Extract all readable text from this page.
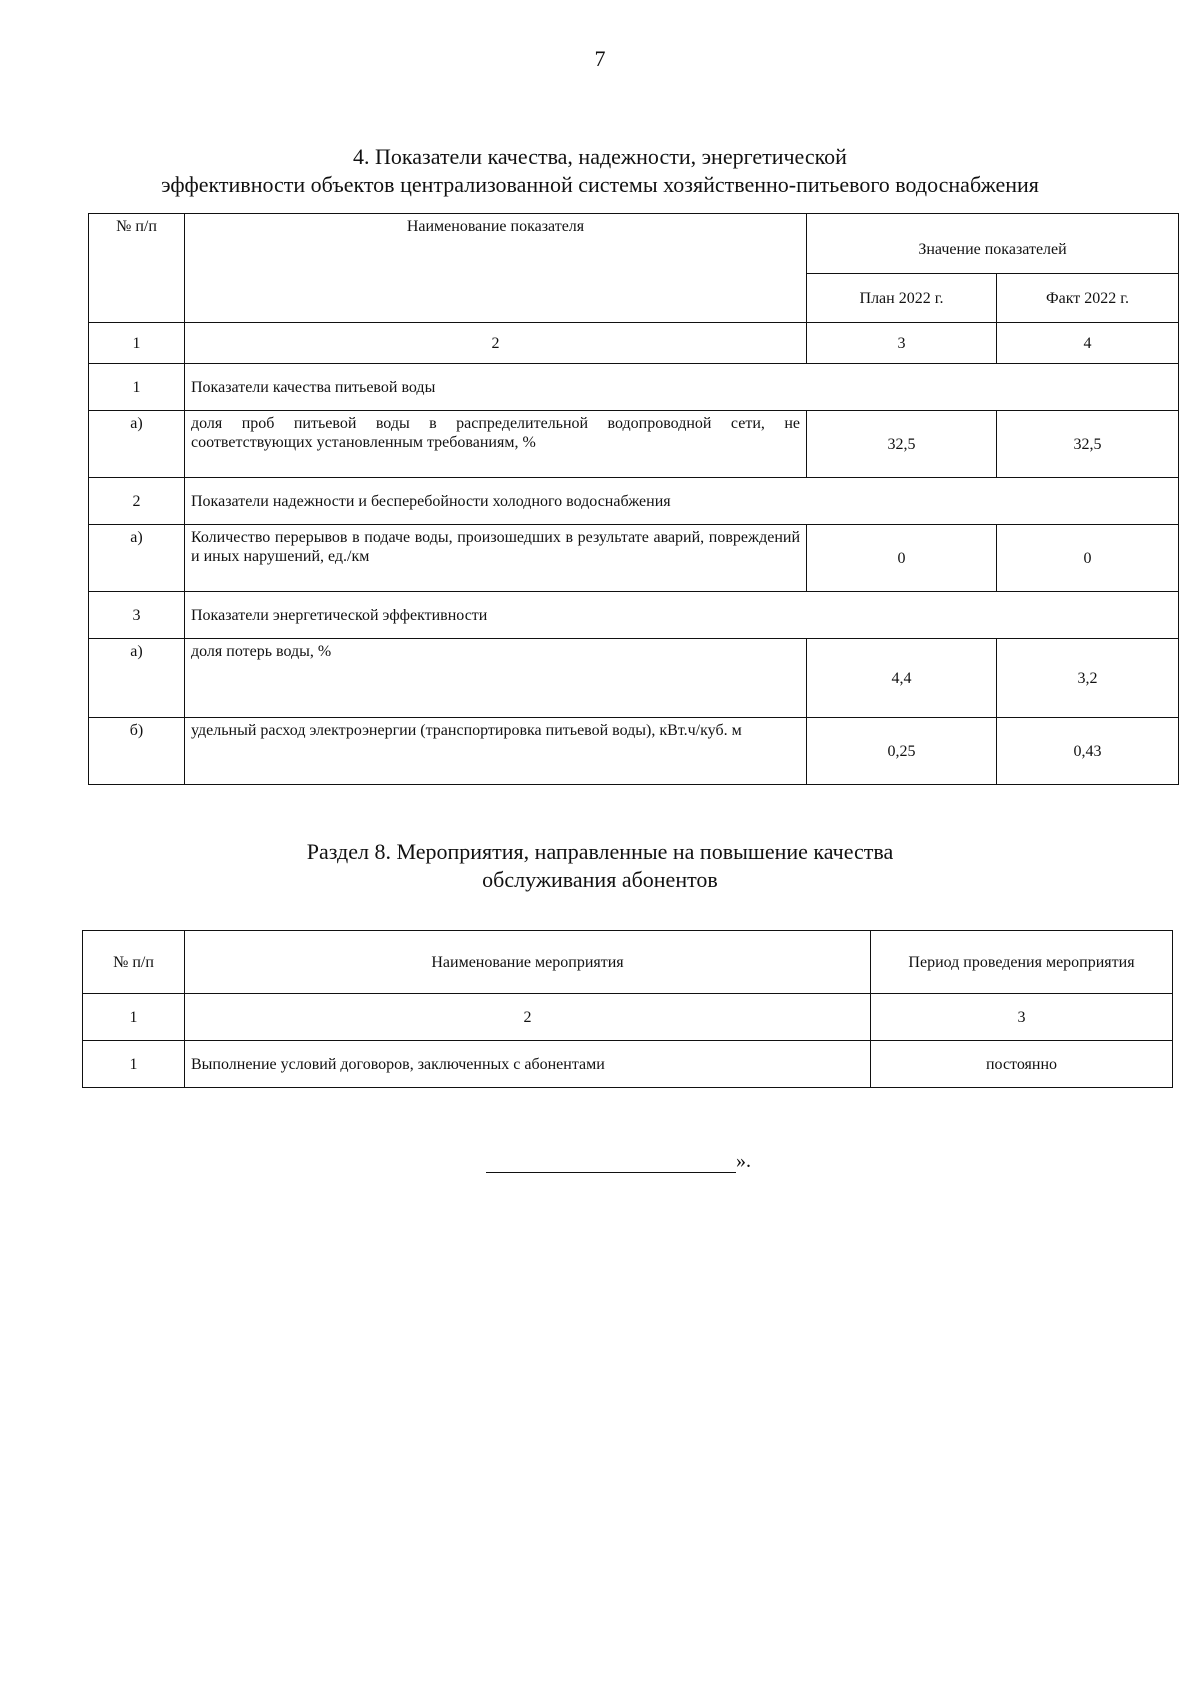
7
4. Показатели качества, надежности, энергетической
эффективности объектов централизованной системы хозяйственно-питьевого водоснабжения
№ п/п	Наименование показателя	Значение показателей	
		План 2022 г.	Факт 2022 г.
1	2	3	4
1	Показатели качества питьевой воды		
а)	доля проб питьевой воды в распределительной водопроводной сети, не соответствующих установленным требованиям, %	32,5	32,5
2	Показатели надежности и бесперебойности холодного водоснабжения		
а)	Количество перерывов в подаче воды, произошедших в результате аварий, повреждений и иных нарушений, ед./км	0	0
3	Показатели энергетической эффективности		
а)	доля потерь воды, %	4,4	3,2
б)	удельный расход электроэнергии (транспортировка питьевой воды), кВт.ч/куб. м	0,25	0,43
Раздел 8. Мероприятия, направленные на повышение качества
обслуживания абонентов
№ п/п	Наименование мероприятия	Период проведения мероприятия
1	2	3
1	Выполнение условий договоров, заключенных с абонентами	постоянно
».
